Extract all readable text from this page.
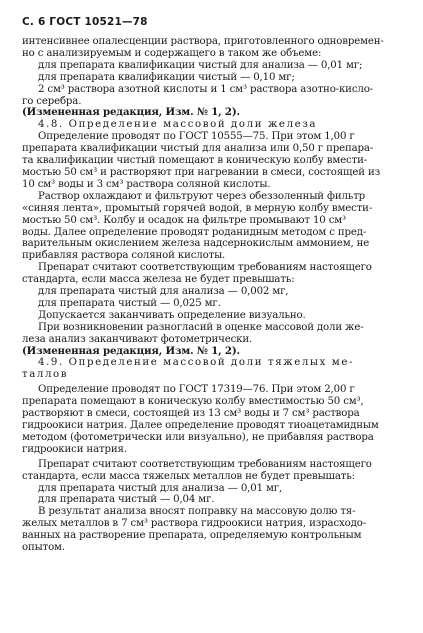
С. 6 ГОСТ 10521—78

интенсивнее опалесценции раствора, приготовленного одновремен-

но с анализируемым и содержащего в таком же объеме:

для препарата квалификации чистый для анализа — 0,01 мг;

для препарата квалификации чистый — 0,10 мг;

2 см³ раствора азотной кислоты и 1 см³ раствора азотно-кисло-

го серебра.

(Измененная редакция, Изм. № 1, 2).

4.8. Определение массовой доли железа

Определение проводят по ГОСТ 10555—75. При этом 1,00 г

препарата квалификации чистый для анализа или 0,50 г препара-

та квалификации чистый помещают в коническую колбу вмести-

мостью 50 см³ и растворяют при нагревании в смеси, состоящей из

10 см³ воды и 3 см³ раствора соляной кислоты.

Раствор охлаждают и фильтруют через обеззоленный фильтр

«синяя лента», промытый горячей водой, в мерную колбу вмести-

мостью 50 см³. Колбу и осадок на фильтре промывают 10 см³

воды. Далее определение проводят роданидным методом с пред-

варительным окислением железа надсернокислым аммонием, не

прибавляя раствора соляной кислоты.

Препарат считают соответствующим требованиям настоящего

стандарта, если масса железа не будет превышать:

для препарата чистый для анализа — 0,002 мг,

для препарата чистый — 0,025 мг.

Допускается заканчивать определение визуально.

При возникновении разногласий в оценке массовой доли же-

леза анализ заканчивают фотометрически.

(Измененная редакция, Изм. № 1, 2).

4.9. Определение массовой доли тяжелых ме-

таллов

Определение проводят по ГОСТ 17319—76. При этом 2,00 г

препарата помещают в коническую колбу вместимостью 50 см³,

растворяют в смеси, состоящей из 13 см³ воды и 7 см³ раствора

гидроокиси натрия. Далее определение проводят тиоацетамидным

методом (фотометрически или визуально), не прибавляя раствора

гидроокиси натрия.

Препарат считают соответствующим требованиям настоящего

стандарта, если масса тяжелых металлов не будет превышать:

для препарата чистый для анализа — 0,01 мг,

для препарата чистый — 0,04 мг.

В результат анализа вносят поправку на массовую долю тя-

желых металлов в 7 см³ раствора гидроокиси натрия, израсходо-

ванных на растворение препарата, определяемую контрольным

опытом.
